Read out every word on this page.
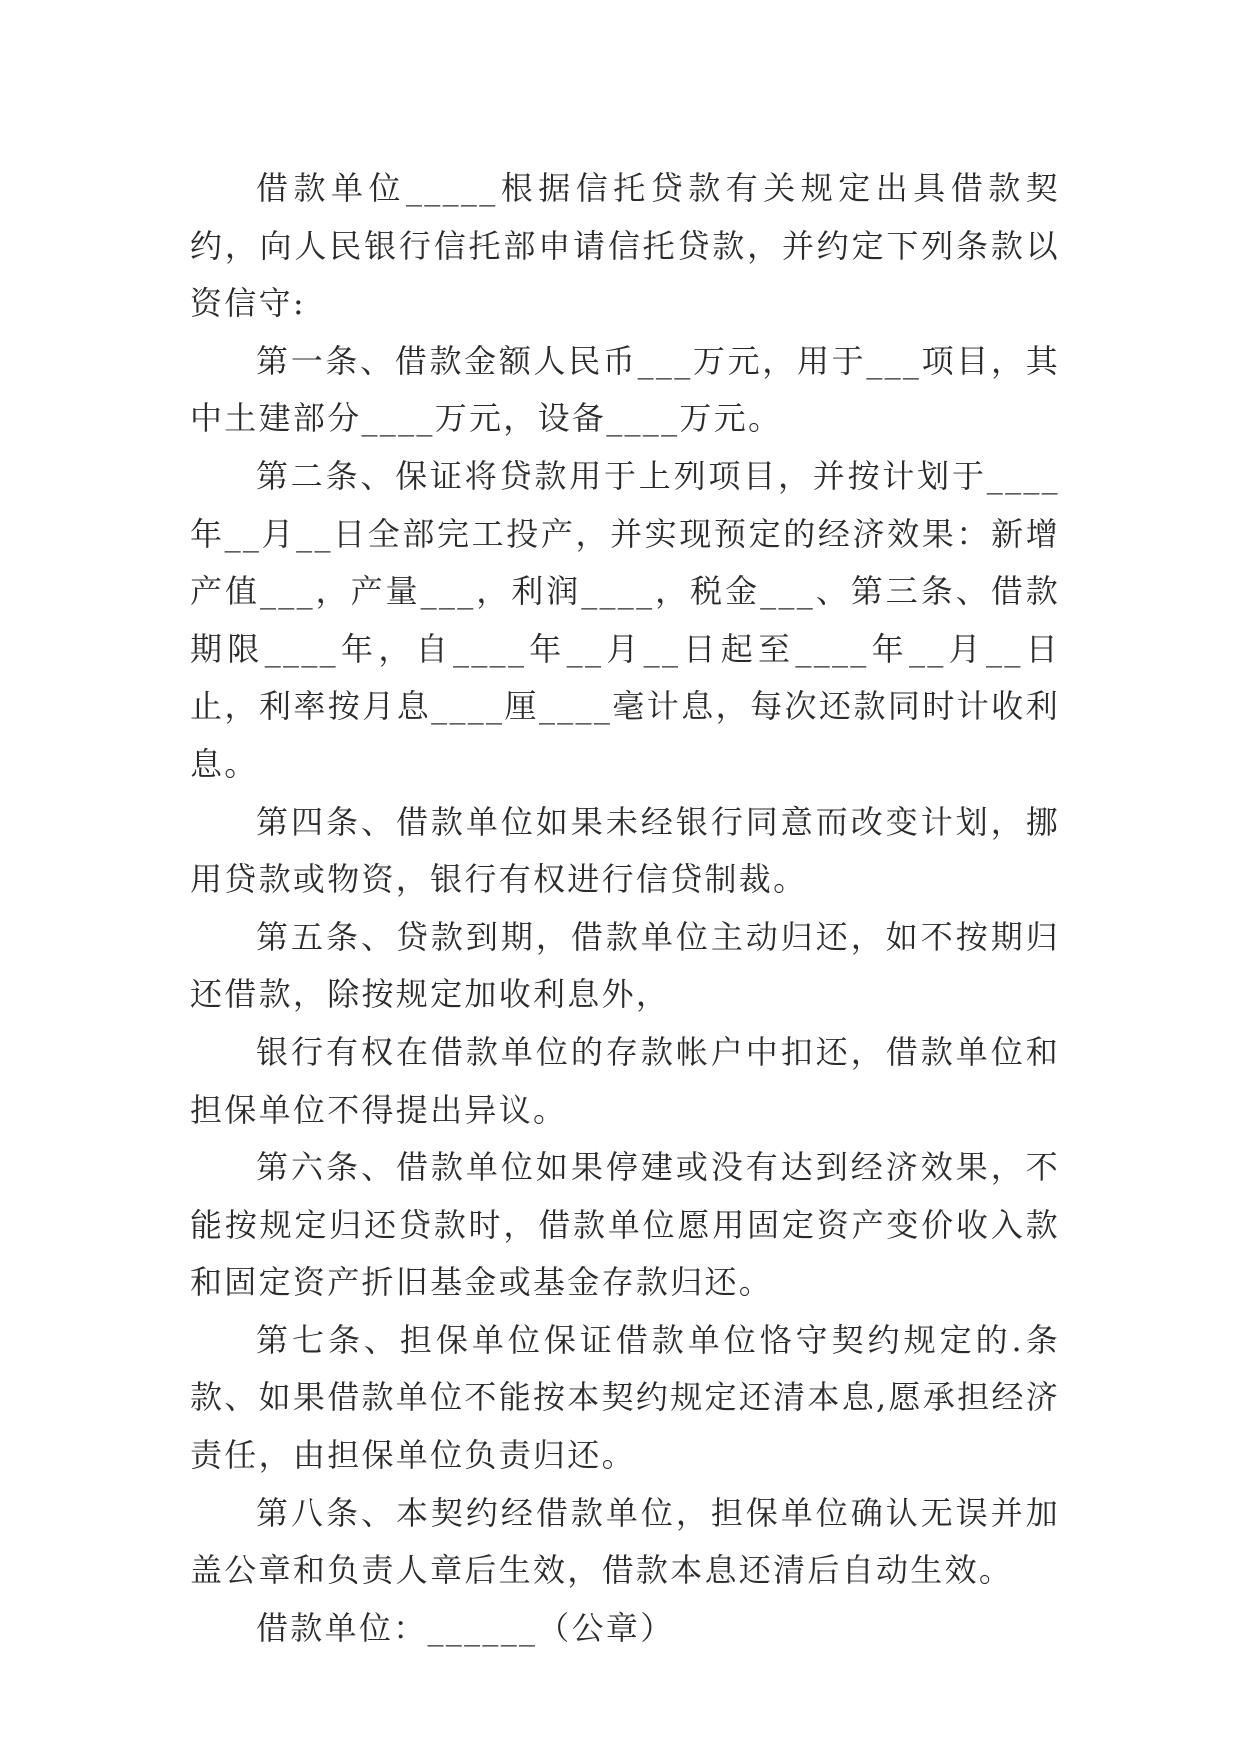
借款单位_____根据信托贷款有关规定出具借款契约，向人民银行信托部申请信托贷款，并约定下列条款以资信守:

第一条、借款金额人民币___万元，用于___项目，其中土建部分____万元，设备____万元。

第二条、保证将贷款用于上列项目，并按计划于____年__月__日全部完工投产，并实现预定的经济效果：新增产值___，产量___，利润____，税金___、第三条、借款期限____年，自____年__月__日起至____年__月__日止，利率按月息____厘____毫计息，每次还款同时计收利息。

第四条、借款单位如果未经银行同意而改变计划，挪用贷款或物资，银行有权进行信贷制裁。

第五条、贷款到期，借款单位主动归还，如不按期归还借款，除按规定加收利息外，

银行有权在借款单位的存款帐户中扣还，借款单位和担保单位不得提出异议。

第六条、借款单位如果停建或没有达到经济效果，不能按规定归还贷款时，借款单位愿用固定资产变价收入款和固定资产折旧基金或基金存款归还。

第七条、担保单位保证借款单位恪守契约规定的.条款、如果借款单位不能按本契约规定还清本息,愿承担经济责任，由担保单位负责归还。

第八条、本契约经借款单位，担保单位确认无误并加盖公章和负责人章后生效，借款本息还清后自动生效。

借款单位：______（公章）
